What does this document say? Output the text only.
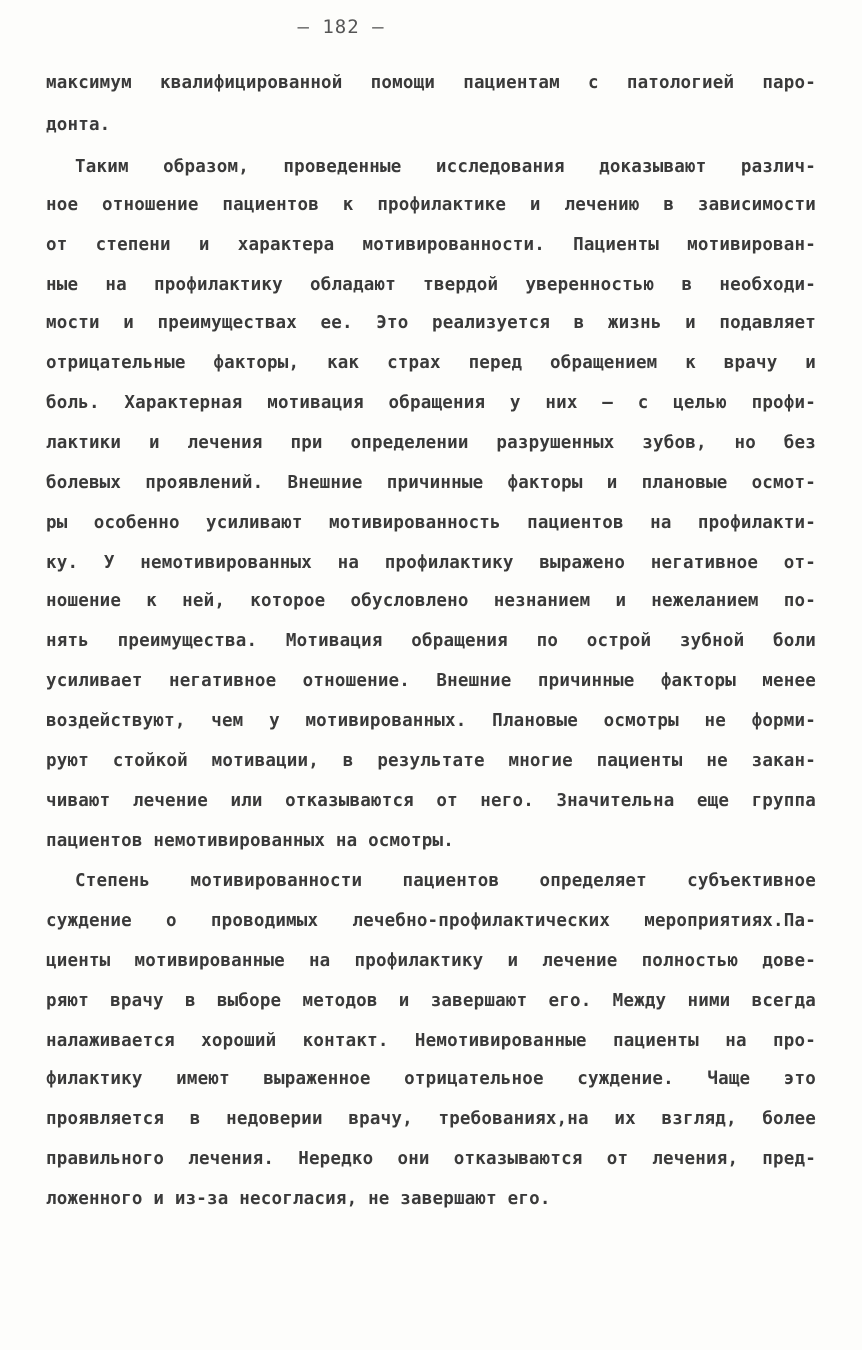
– 182 –
максимум квалифицированной помощи пациентам с патологией паро-
донта.
Таким образом, проведенные исследования доказывают различ-
ное отношение пациентов к профилактике и лечению в зависимости
от степени и характера мотивированности. Пациенты мотивирован-
ные на профилактику обладают твердой уверенностью в необходи-
мости и преимуществах ее. Это реализуется в жизнь и подавляет
отрицательные факторы, как страх перед обращением к врачу и
боль. Характерная мотивация обращения у них – с целью профи-
лактики и лечения при определении разрушенных зубов, но без
болевых проявлений. Внешние причинные факторы и плановые осмот-
ры особенно усиливают мотивированность пациентов на профилакти-
ку. У немотивированных на профилактику выражено негативное от-
ношение к ней, которое обусловлено незнанием и нежеланием по-
нять преимущества. Мотивация обращения по острой зубной боли
усиливает негативное отношение. Внешние причинные факторы менее
воздействуют, чем у мотивированных. Плановые осмотры не форми-
руют стойкой мотивации, в результате многие пациенты не закан-
чивают лечение или отказываются от него. Значительна еще группа
пациентов немотивированных на осмотры.
Степень мотивированности пациентов определяет субъективное
суждение о проводимых лечебно-профилактических мероприятиях.Па-
циенты мотивированные на профилактику и лечение полностью дове-
ряют врачу в выборе методов и завершают его. Между ними всегда
налаживается хороший контакт. Немотивированные пациенты на про-
филактику имеют выраженное отрицательное суждение. Чаще это
проявляется в недоверии врачу, требованиях,на их взгляд, более
правильного лечения. Нередко они отказываются от лечения, пред-
ложенного и из-за несогласия, не завершают его.
